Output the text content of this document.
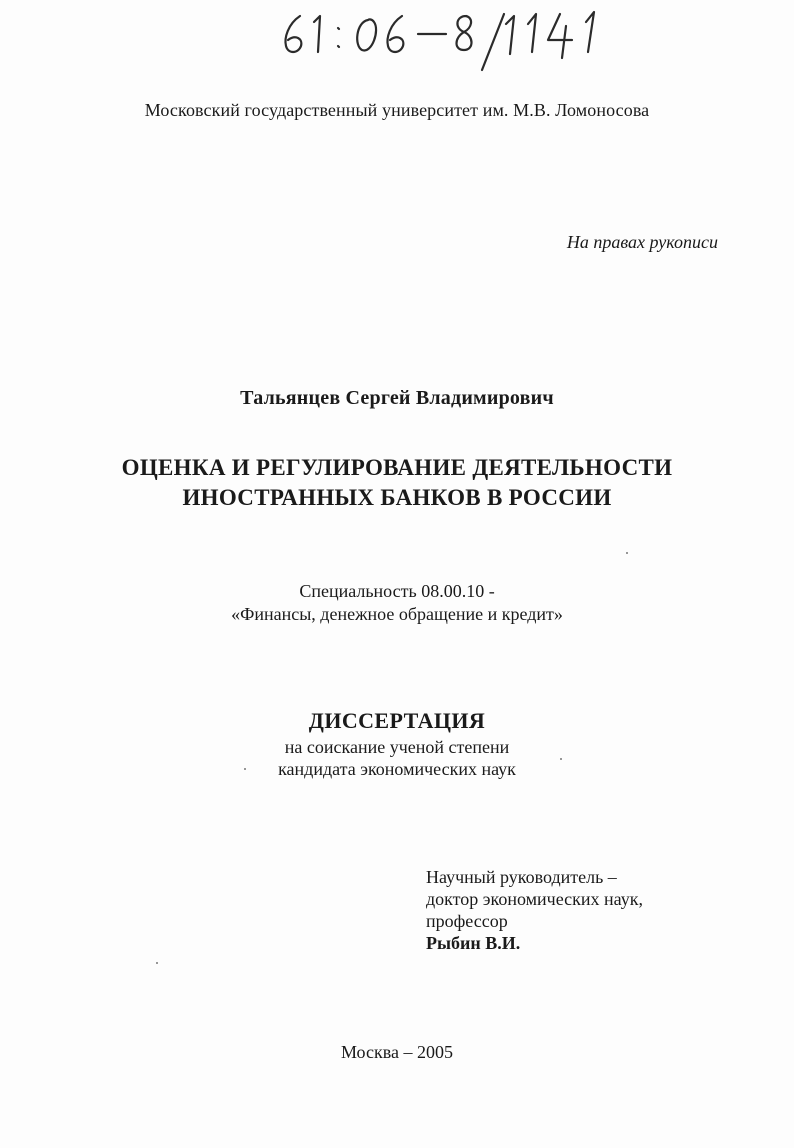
Московский государственный университет им. М.В. Ломоносова
На правах рукописи
Тальянцев Сергей Владимирович
ОЦЕНКА И РЕГУЛИРОВАНИЕ ДЕЯТЕЛЬНОСТИ
ИНОСТРАННЫХ БАНКОВ В РОССИИ
Специальность 08.00.10 -
«Финансы, денежное обращение и кредит»
ДИССЕРТАЦИЯ
на соискание ученой степени
кандидата экономических наук
Научный руководитель –
доктор экономических наук,
профессор
Рыбин В.И.
Москва – 2005
